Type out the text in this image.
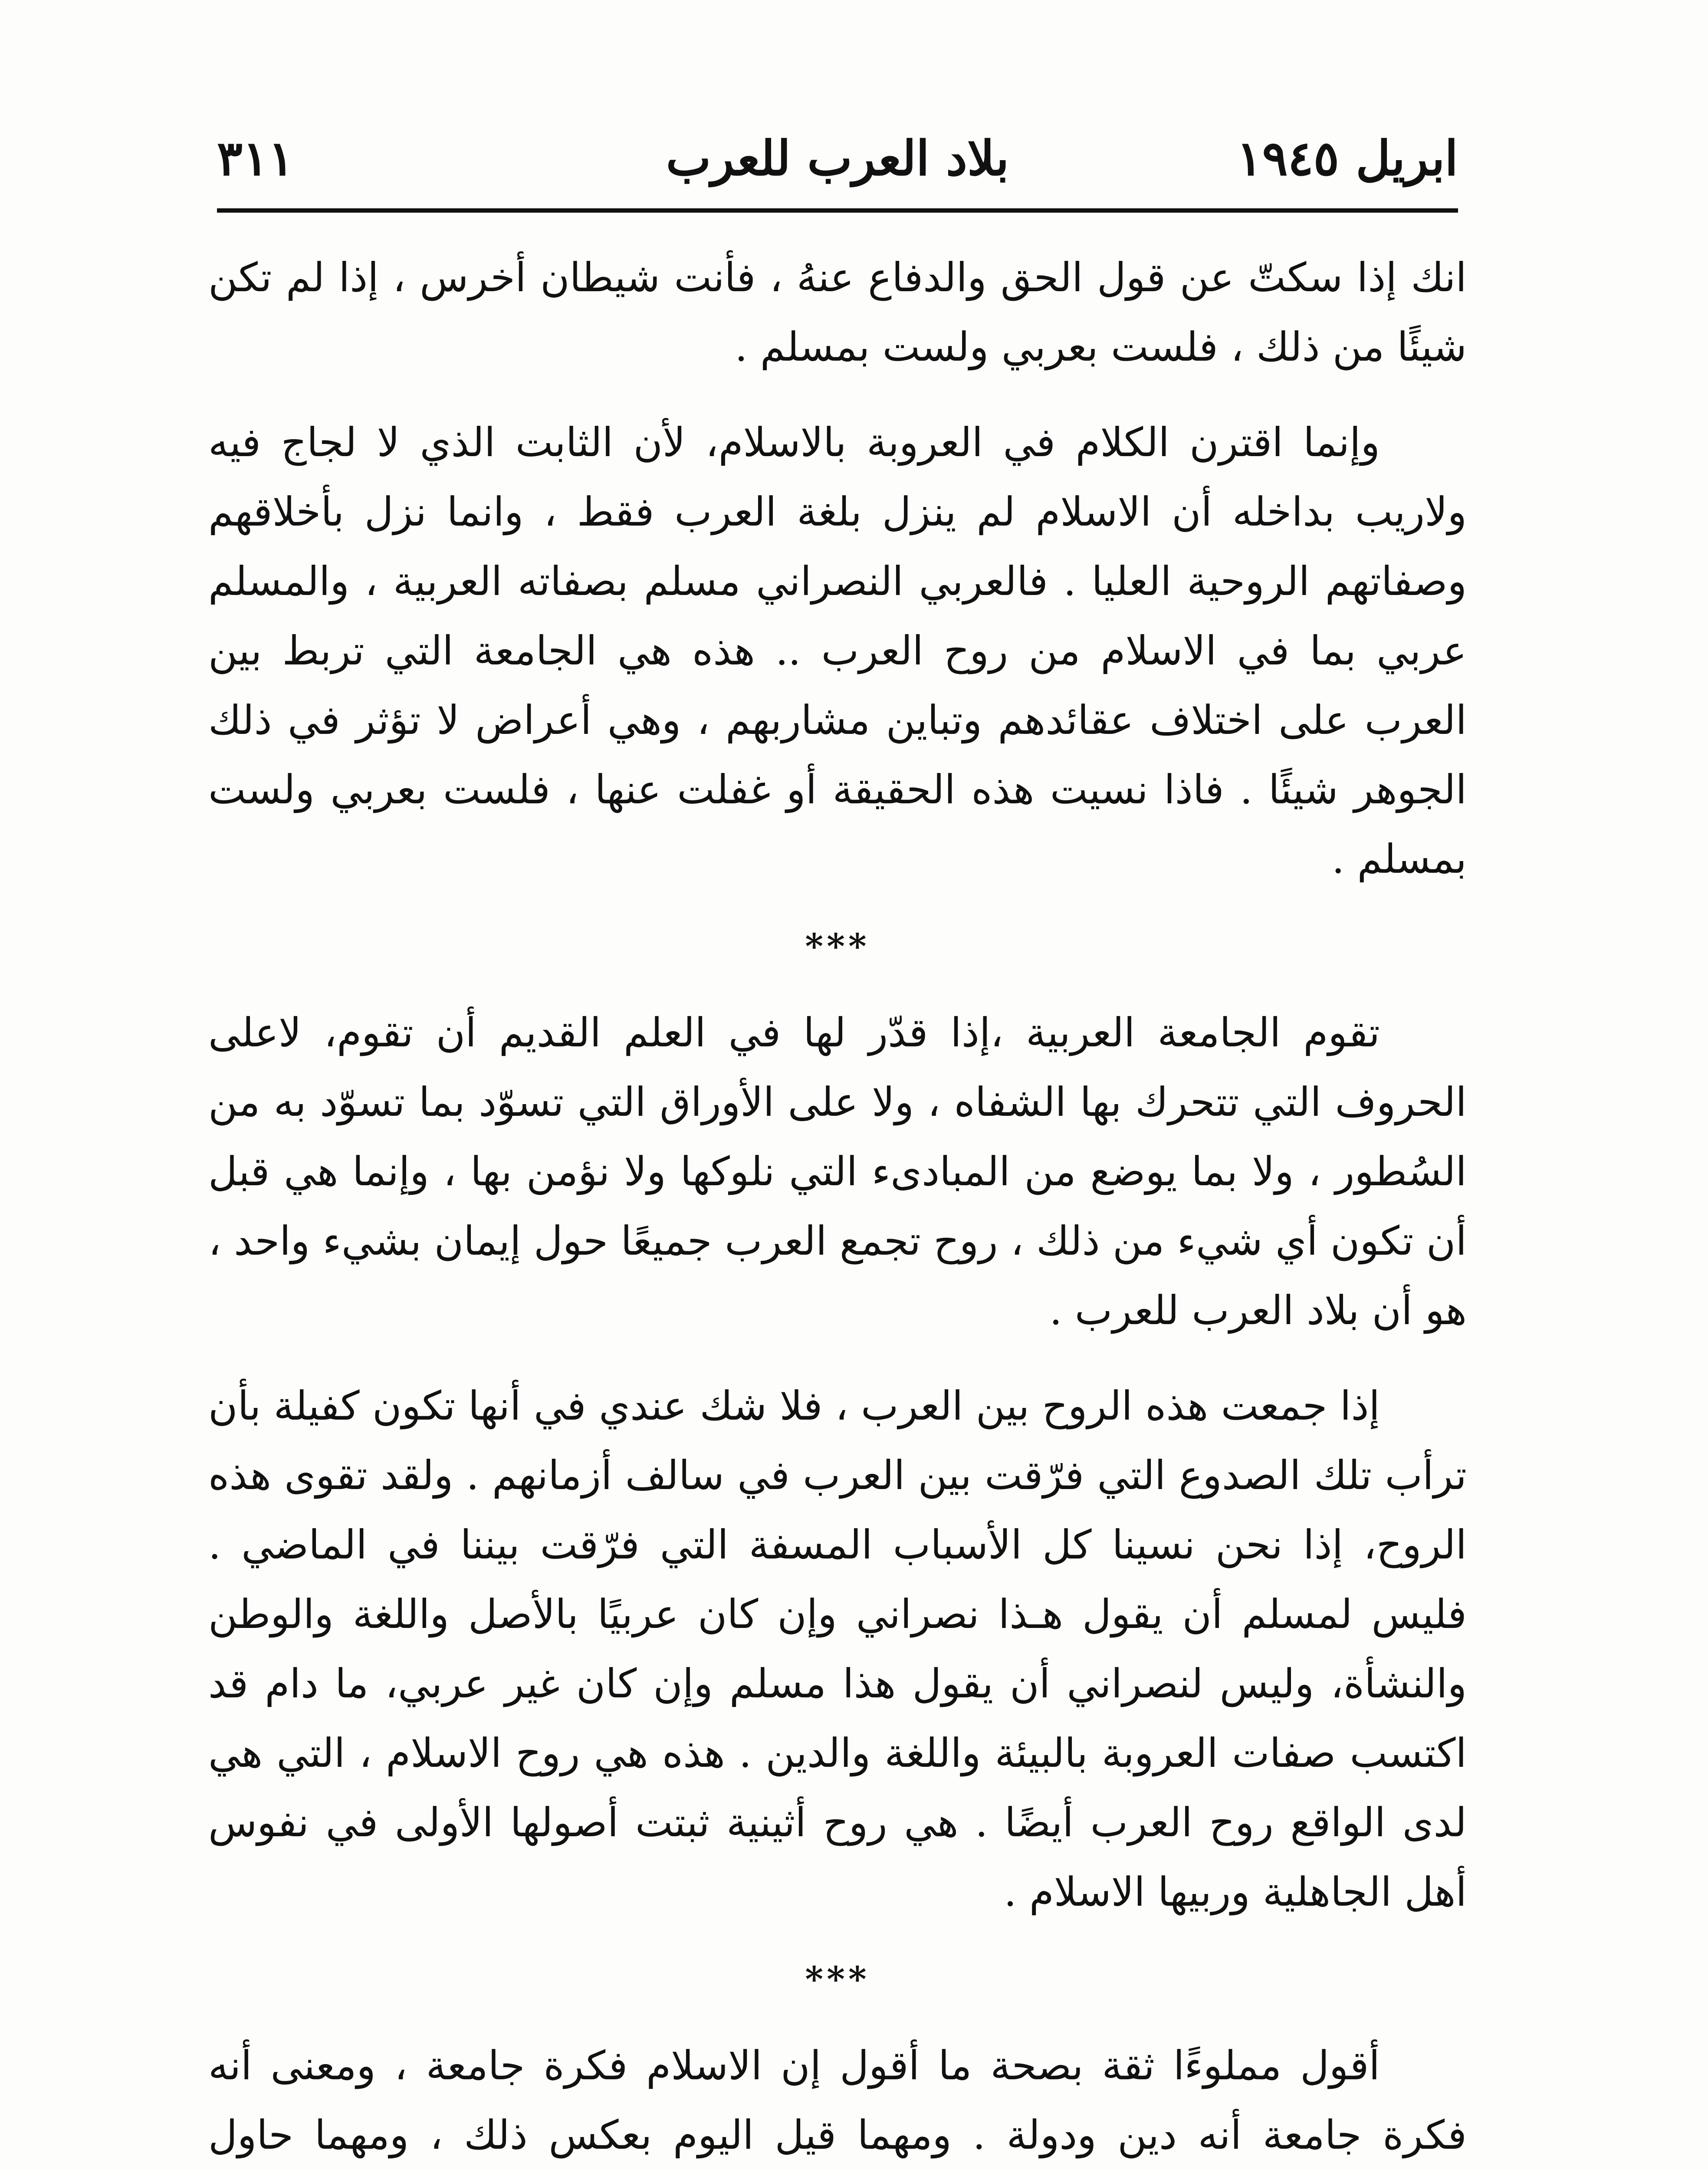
ابريل ١٩٤٥
بلاد العرب للعرب
٣١١

انك إذا سكتّ عن قول الحق والدفاع عنهُ ، فأنت شيطان أخرس ، إذا لم تكن شيئًا من ذلك ، فلست بعربي ولست بمسلم .

وإنما اقترن الكلام في العروبة بالاسلام، لأن الثابت الذي لا لجاج فيه ولاريب بداخله أن الاسلام لم ينزل بلغة العرب فقط ، وانما نزل بأخلاقهم وصفاتهم الروحية العليا . فالعربي النصراني مسلم بصفاته العربية ، والمسلم عربي بما في الاسلام من روح العرب .. هذه هي الجامعة التي تربط بين العرب على اختلاف عقائدهم وتباين مشاربهم ، وهي أعراض لا تؤثر في ذلك الجوهر شيئًا . فاذا نسيت هذه الحقيقة أو غفلت عنها ، فلست بعربي ولست بمسلم .

***

تقوم الجامعة العربية ،إذا قدّر لها في العلم القديم أن تقوم، لاعلى الحروف التي تتحرك بها الشفاه ، ولا على الأوراق التي تسوّد بما تسوّد به من السُطور ، ولا بما يوضع من المبادىء التي نلوكها ولا نؤمن بها ، وإنما هي قبل أن تكون أي شيء من ذلك ، روح تجمع العرب جميعًا حول إيمان بشيء واحد ، هو أن بلاد العرب للعرب .

إذا جمعت هذه الروح بين العرب ، فلا شك عندي في أنها تكون كفيلة بأن ترأب تلك الصدوع التي فرّقت بين العرب في سالف أزمانهم . ولقد تقوى هذه الروح، إذا نحن نسينا كل الأسباب المسفة التي فرّقت بيننا في الماضي . فليس لمسلم أن يقول هـذا نصراني وإن كان عربيًا بالأصل واللغة والوطن والنشأة، وليس لنصراني أن يقول هذا مسلم وإن كان غير عربي، ما دام قد اكتسب صفات العروبة بالبيئة واللغة والدين . هذه هي روح الاسلام ، التي هي لدى الواقع روح العرب أيضًا . هي روح أثينية ثبتت أصولها الأولى في نفوس أهل الجاهلية وربيها الاسلام .

***

أقول مملوءًا ثقة بصحة ما أقول إن الاسلام فكرة جامعة ، ومعنى أنه فكرة جامعة أنه دين ودولة . ومهما قيل اليوم بعكس ذلك ، ومهما حاول
